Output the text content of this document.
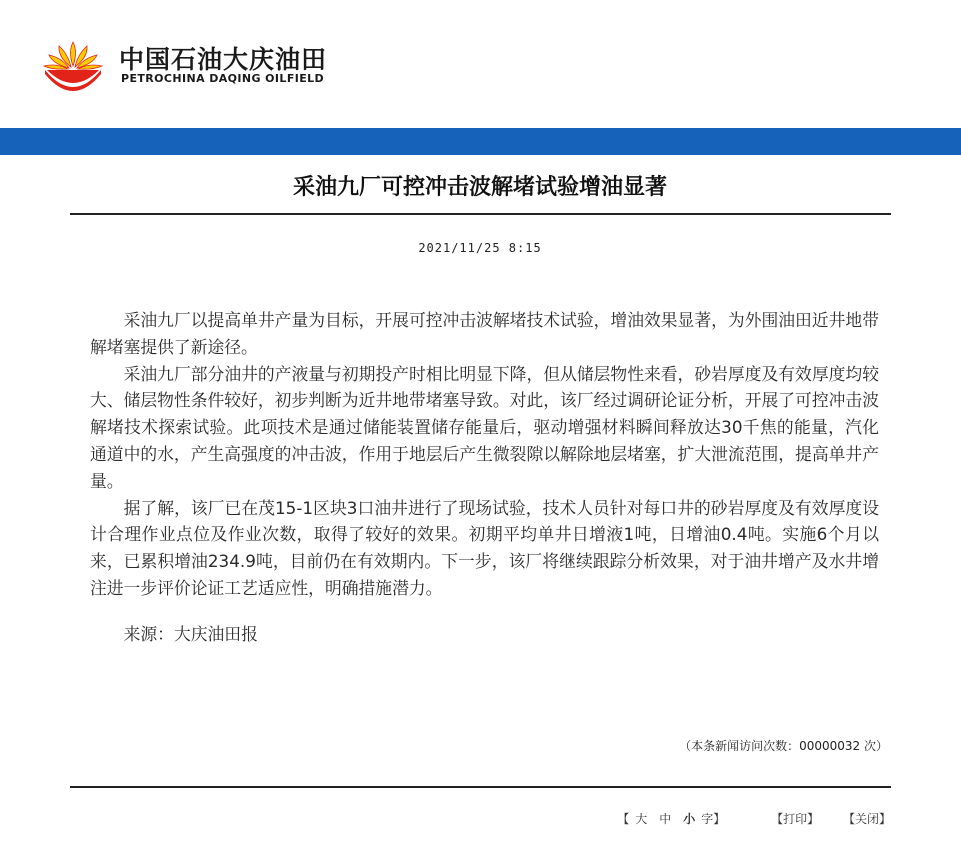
中国石油大庆油田
PETROCHINA DAQING OILFIELD
采油九厂可控冲击波解堵试验增油显著
2021/11/25 8:15

采油九厂以提高单井产量为目标，开展可控冲击波解堵技术试验，增油效果显著，为外围油田近井地带解堵塞提供了新途径。

采油九厂部分油井的产液量与初期投产时相比明显下降，但从储层物性来看，砂岩厚度及有效厚度均较大、储层物性条件较好，初步判断为近井地带堵塞导致。对此，该厂经过调研论证分析，开展了可控冲击波解堵技术探索试验。此项技术是通过储能装置储存能量后，驱动增强材料瞬间释放达30千焦的能量，汽化通道中的水，产生高强度的冲击波，作用于地层后产生微裂隙以解除地层堵塞，扩大泄流范围，提高单井产量。

据了解，该厂已在茂15-1区块3口油井进行了现场试验，技术人员针对每口井的砂岩厚度及有效厚度设计合理作业点位及作业次数，取得了较好的效果。初期平均单井日增液1吨，日增油0.4吨。实施6个月以来，已累积增油234.9吨，目前仍在有效期内。下一步，该厂将继续跟踪分析效果，对于油井增产及水井增注进一步评价论证工艺适应性，明确措施潜力。

来源：大庆油田报
（本条新闻访问次数：00000032 次）
【 大 中 小 字】	【打印】 【关闭】
